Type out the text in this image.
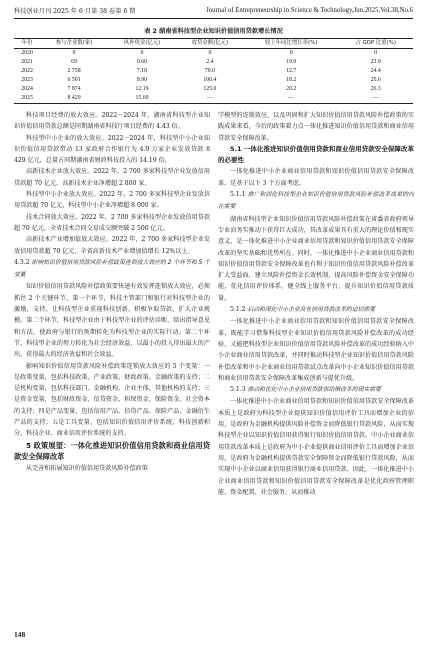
科技创业月刊 2025 年 6 月第 38 卷第 6 期	Journal of Entrepreneurship in Science & Technology,Jun.2025,Vol.38,No.6
表 2 湖南省科技型企业知识价值信用贷款增长情况
年份	参与企业数(家)	风补资金(亿元)	放贷金额(亿元)	较上年同比增长率(%)	占 GDP 比重(%)
2020	0	0	0	0	0
2021	69	0.60	2.4	19.0	23.9
2022	2 758	7.10	70.0	12.7	24.4
2023	6 501	8.90	100.4	18.2	25.6
2024	7 874	12.19	125.0	20.2	26.3
2025	8 429	15.60	—	—	—

科技项目经费的放大效应。2022－2024 年，湖南省科技型企业知识价值信用贷款总额是同期湖南省科技厅项目经费的 4.43 倍。

科技型中小企业的放大效应。2022－2024 年，科技型中小企业知识价值信用贷款带动 13 家政府合作银行为 4.9 万家企业发放贷款 8 429 亿元，总量占同期湖南省财政科技投入的 14.19 倍。

高新技术企业放大效应。2022 年，2 700 多家科技型企业发放信用贷款超 70 亿元，高新技术企业净增超 2 800 家。

科技型中小企业放大效应。2022 年，2 700 多家科技型企业发放信用贷款超 70 亿元，科技型中小企业净增超 8 000 家。

技术合同放大效应。2022 年，2 700 多家科技型企业发放信用贷款超 70 亿元，全省技术合同交易成交额突破 2 500 亿元。

高新技术产业增加值放大效应。2022 年，2 700 多家科技型企业发放信用贷款超 70 亿元，全省高新技术产业增加值增长 12%以上。

4.3.2 影响知识价值信用贷款风险补偿政策连锁放大效应的 2 个环节和 5 个变量

知识价值信用贷款风险补偿政策要快速有效发挥连锁放大效应，必须抓住 2 个关键环节，第一个环节，科技主管部门和银行对科技型企业的激励、支持、让科技型企业重视科技创新、积极争取贷款、扩大企业规模。第二个环节，科技型企业由于科技型企业的评估诊断，给出指导意见和方法，使政府与银行的预期转化为科技型企业的实际行动。第二个环节，科技型企业的努力转化为社会经济效益，以最小的投入得出最大的产出，获得最大的经济效益和社会效益。

影响知识价值信用贷款风险补偿政策连锁放大效应的 5 个变量：一是政策变量，包括科技政策、产业政策、财政政策、金融政策的支持；二是机构变量，包括科技部门、金融机构、企业主体、其他机构的支持；三是资金变量，包括财政资金、信贷资金、担保资金、保险资金、社会资本的支持；四是产品变量，包括信用产品、信贷产品、保险产品、金融衍生产品的支持；五是工具变量，包括知识价值信用评价系统、科技创新积分、科技企业、商业信用评价系统的支持。

5 政策展望：一体化推进知识价值信用贷款和商业信用贷款安全保障改革

从完善和拓展知识价值信用贷款风险补偿政策

学模型的连锁效应，以及巩固和扩大知识价值信用贷款风险补偿政策的实践成果来看，今后的政策着力点一体化推进知识价值信用贷款和商业信用贷款安全保障改革。

5.1 一体化推进知识价值信用贷款和商业信用贷款安全保障改革的必要性

一体化推进中小企业商业信用贷款和知识价值信用贷款安全保障改革，是基于以下 3 个方面考虑。

5.1.1 推广和固化科技型企业知识价值信用贷款风险补偿改革成果的内在需要

湖南省科技型企业知识价值信用贷款风险补偿政策在省委省政府领导专业而务实推动下获得巨大成功，其改革成果具有重大的理论价值和现实意义，是一体化推进中小企业商业信用贷款和知识价值信用贷款安全保障改革的坚实基础和优势所在。同时，一体化推进中小企业商业信用贷款和知识价值信用贷款安全保障改革也有利于知识价值信用贷款风险补偿改革扩大受益面，建立风险补偿资金长效机制，提高风险补偿资金安全保障功能，优化信用评价体系，健全线上服务平台，提升知识价值信用贷款质量。

5.1.2 启动和深化中小企业商业信用贷款改革的迫切需要

一体化推进中小企业商业信用贷款和知识价值信用贷款安全保障改革，既能学习借鉴科技型企业知识价值信用贷款风险补偿改革的成功经验，又能把科技型企业知识价值信用贷款风险补偿改革的成功经验纳入中小企业商业信用贷款改革，并同时推动科技型企业知识价值信用贷款风险补偿改革和中小企业商业信用贷款试点改革向中小企业知识价值信用贷款和商业信用贷款安全保障改革集成创新与提优升级。

5.1.3 推动和优化中小企业信用贷款供给侧改革的现实需要

一体化推进中小企业商业信用贷款和知识价值信用贷款安全保障改革本质上是政府为科技型企业提供知识价值信用评价工具而增加企业的信用，是政府为金融机构提供风险补偿资金而降低银行贷款风险，从而实现科技型企业以知识价值信用获得银行知识价值信用贷款。中小企业商业信用贷款改革本质上是政府为中小企业提供商业信用评价工具而增加企业信用，是政府为金融机构提供贷款安全保障资金而降低银行贷款风险，从而实现中小企业以商业信用获得银行商业信用贷款。因此，一体化推进中小企业商业信用贷款和知识价值信用贷款安全保障改革是优化政府管理职能、资金配置、社会服务，从而推动

148
